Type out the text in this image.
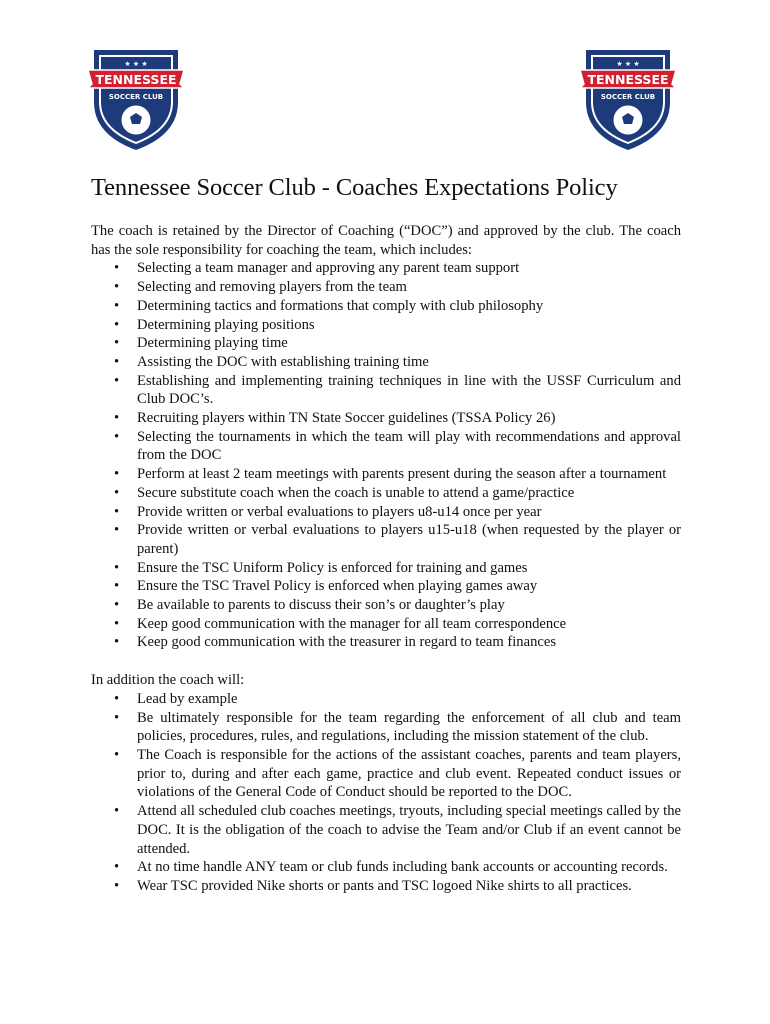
★ ★ ★
TENNESSEE
SOCCER CLUB
★ ★ ★
TENNESSEE
SOCCER CLUB
Tennessee Soccer Club - Coaches Expectations Policy

The coach is retained by the Director of Coaching (“DOC”) and approved by the club. The coach has the sole responsibility for coaching the team, which includes:

• Selecting a team manager and approving any parent team support
• Selecting and removing players from the team
• Determining tactics and formations that comply with club philosophy
• Determining playing positions
• Determining playing time
• Assisting the DOC with establishing training time
• Establishing and implementing training techniques in line with the USSF Curriculum and Club DOC’s.
• Recruiting players within TN State Soccer guidelines (TSSA Policy 26)
• Selecting the tournaments in which the team will play with recommendations and approval from the DOC
• Perform at least 2 team meetings with parents present during the season after a tournament
• Secure substitute coach when the coach is unable to attend a game/practice
• Provide written or verbal evaluations to players u8-u14 once per year
• Provide written or verbal evaluations to players u15-u18 (when requested by the player or parent)
• Ensure the TSC Uniform Policy is enforced for training and games
• Ensure the TSC Travel Policy is enforced when playing games away
• Be available to parents to discuss their son’s or daughter’s play
• Keep good communication with the manager for all team correspondence
• Keep good communication with the treasurer in regard to team finances

In addition the coach will:

• Lead by example
• Be ultimately responsible for the team regarding the enforcement of all club and team policies, procedures, rules, and regulations, including the mission statement of the club.
• The Coach is responsible for the actions of the assistant coaches, parents and team players, prior to, during and after each game, practice and club event. Repeated conduct issues or violations of the General Code of Conduct should be reported to the DOC.
• Attend all scheduled club coaches meetings, tryouts, including special meetings called by the DOC. It is the obligation of the coach to advise the Team and/or Club if an event cannot be attended.
• At no time handle ANY team or club funds including bank accounts or accounting records.
• Wear TSC provided Nike shorts or pants and TSC logoed Nike shirts to all practices.
